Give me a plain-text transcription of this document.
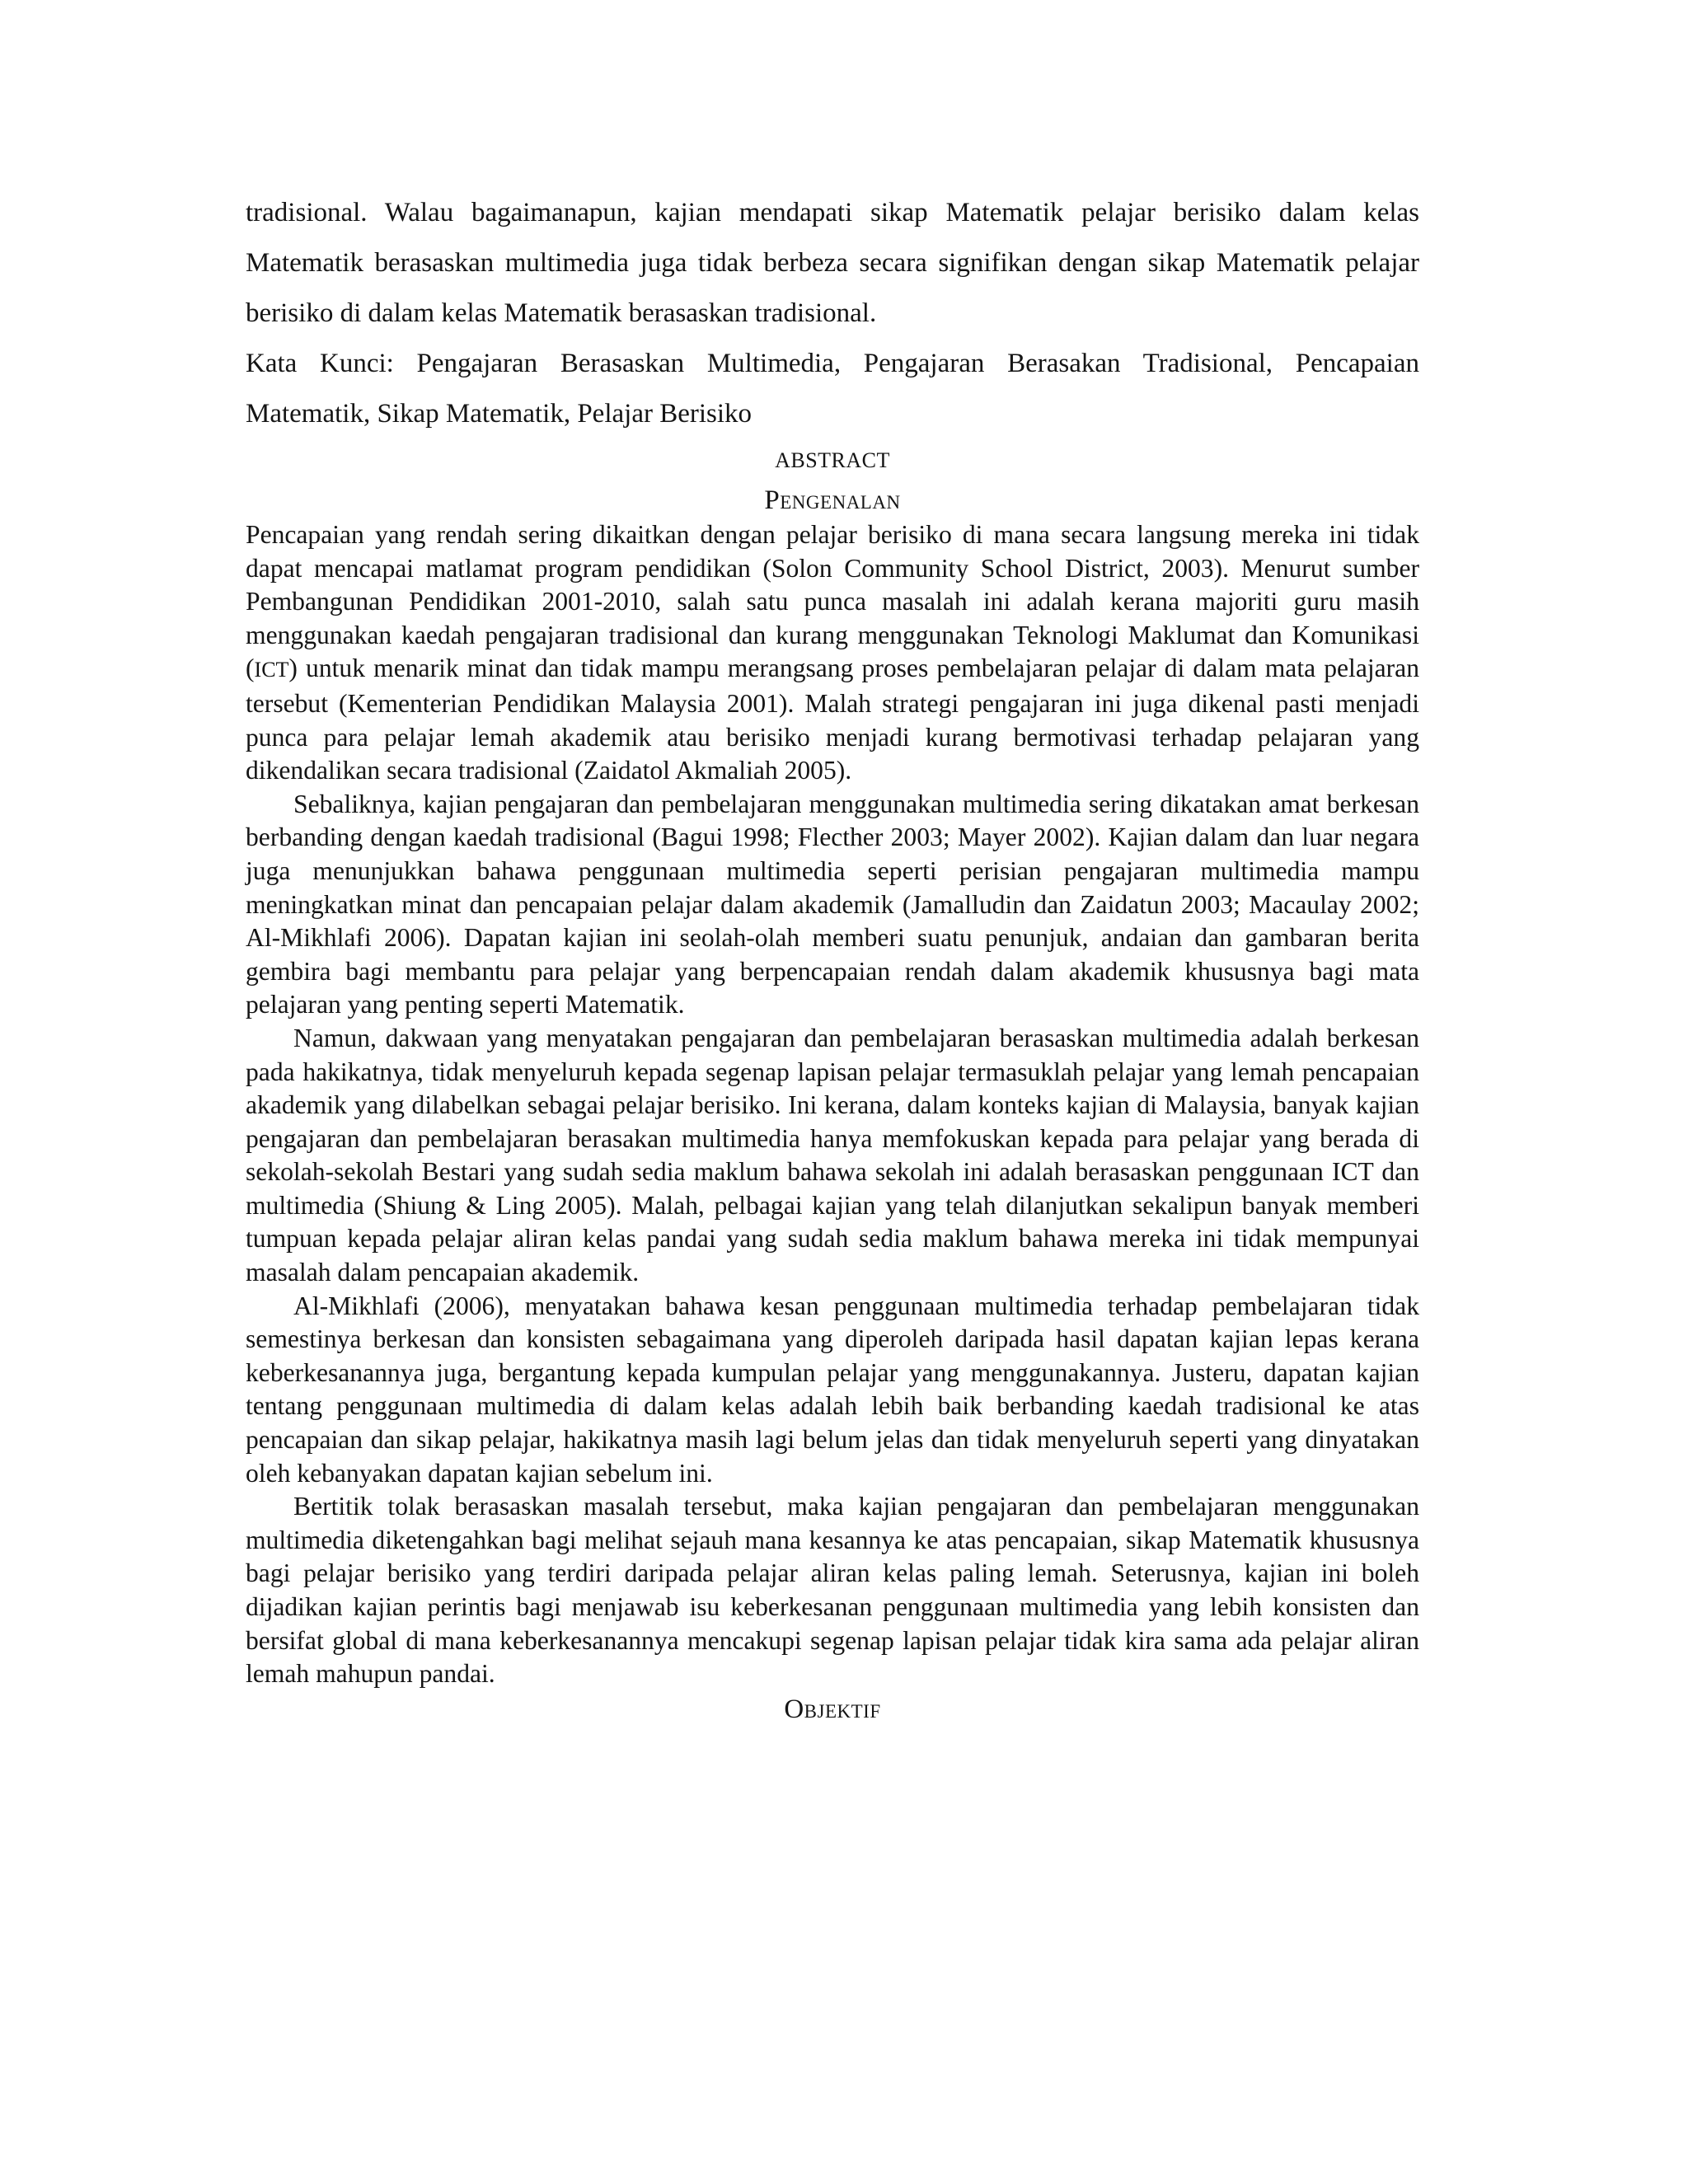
tradisional. Walau bagaimanapun, kajian mendapati sikap Matematik pelajar berisiko dalam kelas Matematik berasaskan multimedia juga tidak berbeza secara signifikan dengan sikap Matematik pelajar berisiko di dalam kelas Matematik berasaskan tradisional.

Kata Kunci: Pengajaran Berasaskan Multimedia, Pengajaran Berasakan Tradisional, Pencapaian Matematik, Sikap Matematik, Pelajar Berisiko

ABSTRACT
Pengenalan

Pencapaian yang rendah sering dikaitkan dengan pelajar berisiko di mana secara langsung mereka ini tidak dapat mencapai matlamat program pendidikan (Solon Community School District, 2003). Menurut sumber Pembangunan Pendidikan 2001-2010, salah satu punca masalah ini adalah kerana majoriti guru masih menggunakan kaedah pengajaran tradisional dan kurang menggunakan Teknologi Maklumat dan Komunikasi (ICT) untuk menarik minat dan tidak mampu merangsang proses pembelajaran pelajar di dalam mata pelajaran tersebut (Kementerian Pendidikan Malaysia 2001). Malah strategi pengajaran ini juga dikenal pasti menjadi punca para pelajar lemah akademik atau berisiko menjadi kurang bermotivasi terhadap pelajaran yang dikendalikan secara tradisional (Zaidatol Akmaliah 2005).

Sebaliknya, kajian pengajaran dan pembelajaran menggunakan multimedia sering dikatakan amat berkesan berbanding dengan kaedah tradisional (Bagui 1998; Flecther 2003; Mayer 2002). Kajian dalam dan luar negara juga menunjukkan bahawa penggunaan multimedia seperti perisian pengajaran multimedia mampu meningkatkan minat dan pencapaian pelajar dalam akademik (Jamalludin dan Zaidatun 2003; Macaulay 2002; Al-Mikhlafi 2006). Dapatan kajian ini seolah-olah memberi suatu penunjuk, andaian dan gambaran berita gembira bagi membantu para pelajar yang berpencapaian rendah dalam akademik khususnya bagi mata pelajaran yang penting seperti Matematik.

Namun, dakwaan yang menyatakan pengajaran dan pembelajaran berasaskan multimedia adalah berkesan pada hakikatnya, tidak menyeluruh kepada segenap lapisan pelajar termasuklah pelajar yang lemah pencapaian akademik yang dilabelkan sebagai pelajar berisiko. Ini kerana, dalam konteks kajian di Malaysia, banyak kajian pengajaran dan pembelajaran berasakan multimedia hanya memfokuskan kepada para pelajar yang berada di sekolah-sekolah Bestari yang sudah sedia maklum bahawa sekolah ini adalah berasaskan penggunaan ICT dan multimedia (Shiung & Ling 2005). Malah, pelbagai kajian yang telah dilanjutkan sekalipun banyak memberi tumpuan kepada pelajar aliran kelas pandai yang sudah sedia maklum bahawa mereka ini tidak mempunyai masalah dalam pencapaian akademik.

Al-Mikhlafi (2006), menyatakan bahawa kesan penggunaan multimedia terhadap pembelajaran tidak semestinya berkesan dan konsisten sebagaimana yang diperoleh daripada hasil dapatan kajian lepas kerana keberkesanannya juga, bergantung kepada kumpulan pelajar yang menggunakannya. Justeru, dapatan kajian tentang penggunaan multimedia di dalam kelas adalah lebih baik berbanding kaedah tradisional ke atas pencapaian dan sikap pelajar, hakikatnya masih lagi belum jelas dan tidak menyeluruh seperti yang dinyatakan oleh kebanyakan dapatan kajian sebelum ini.

Bertitik tolak berasaskan masalah tersebut, maka kajian pengajaran dan pembelajaran menggunakan multimedia diketengahkan bagi melihat sejauh mana kesannya ke atas pencapaian, sikap Matematik khususnya bagi pelajar berisiko yang terdiri daripada pelajar aliran kelas paling lemah. Seterusnya, kajian ini boleh dijadikan kajian perintis bagi menjawab isu keberkesanan penggunaan multimedia yang lebih konsisten dan bersifat global di mana keberkesanannya mencakupi segenap lapisan pelajar tidak kira sama ada pelajar aliran lemah mahupun pandai.

Objektif
